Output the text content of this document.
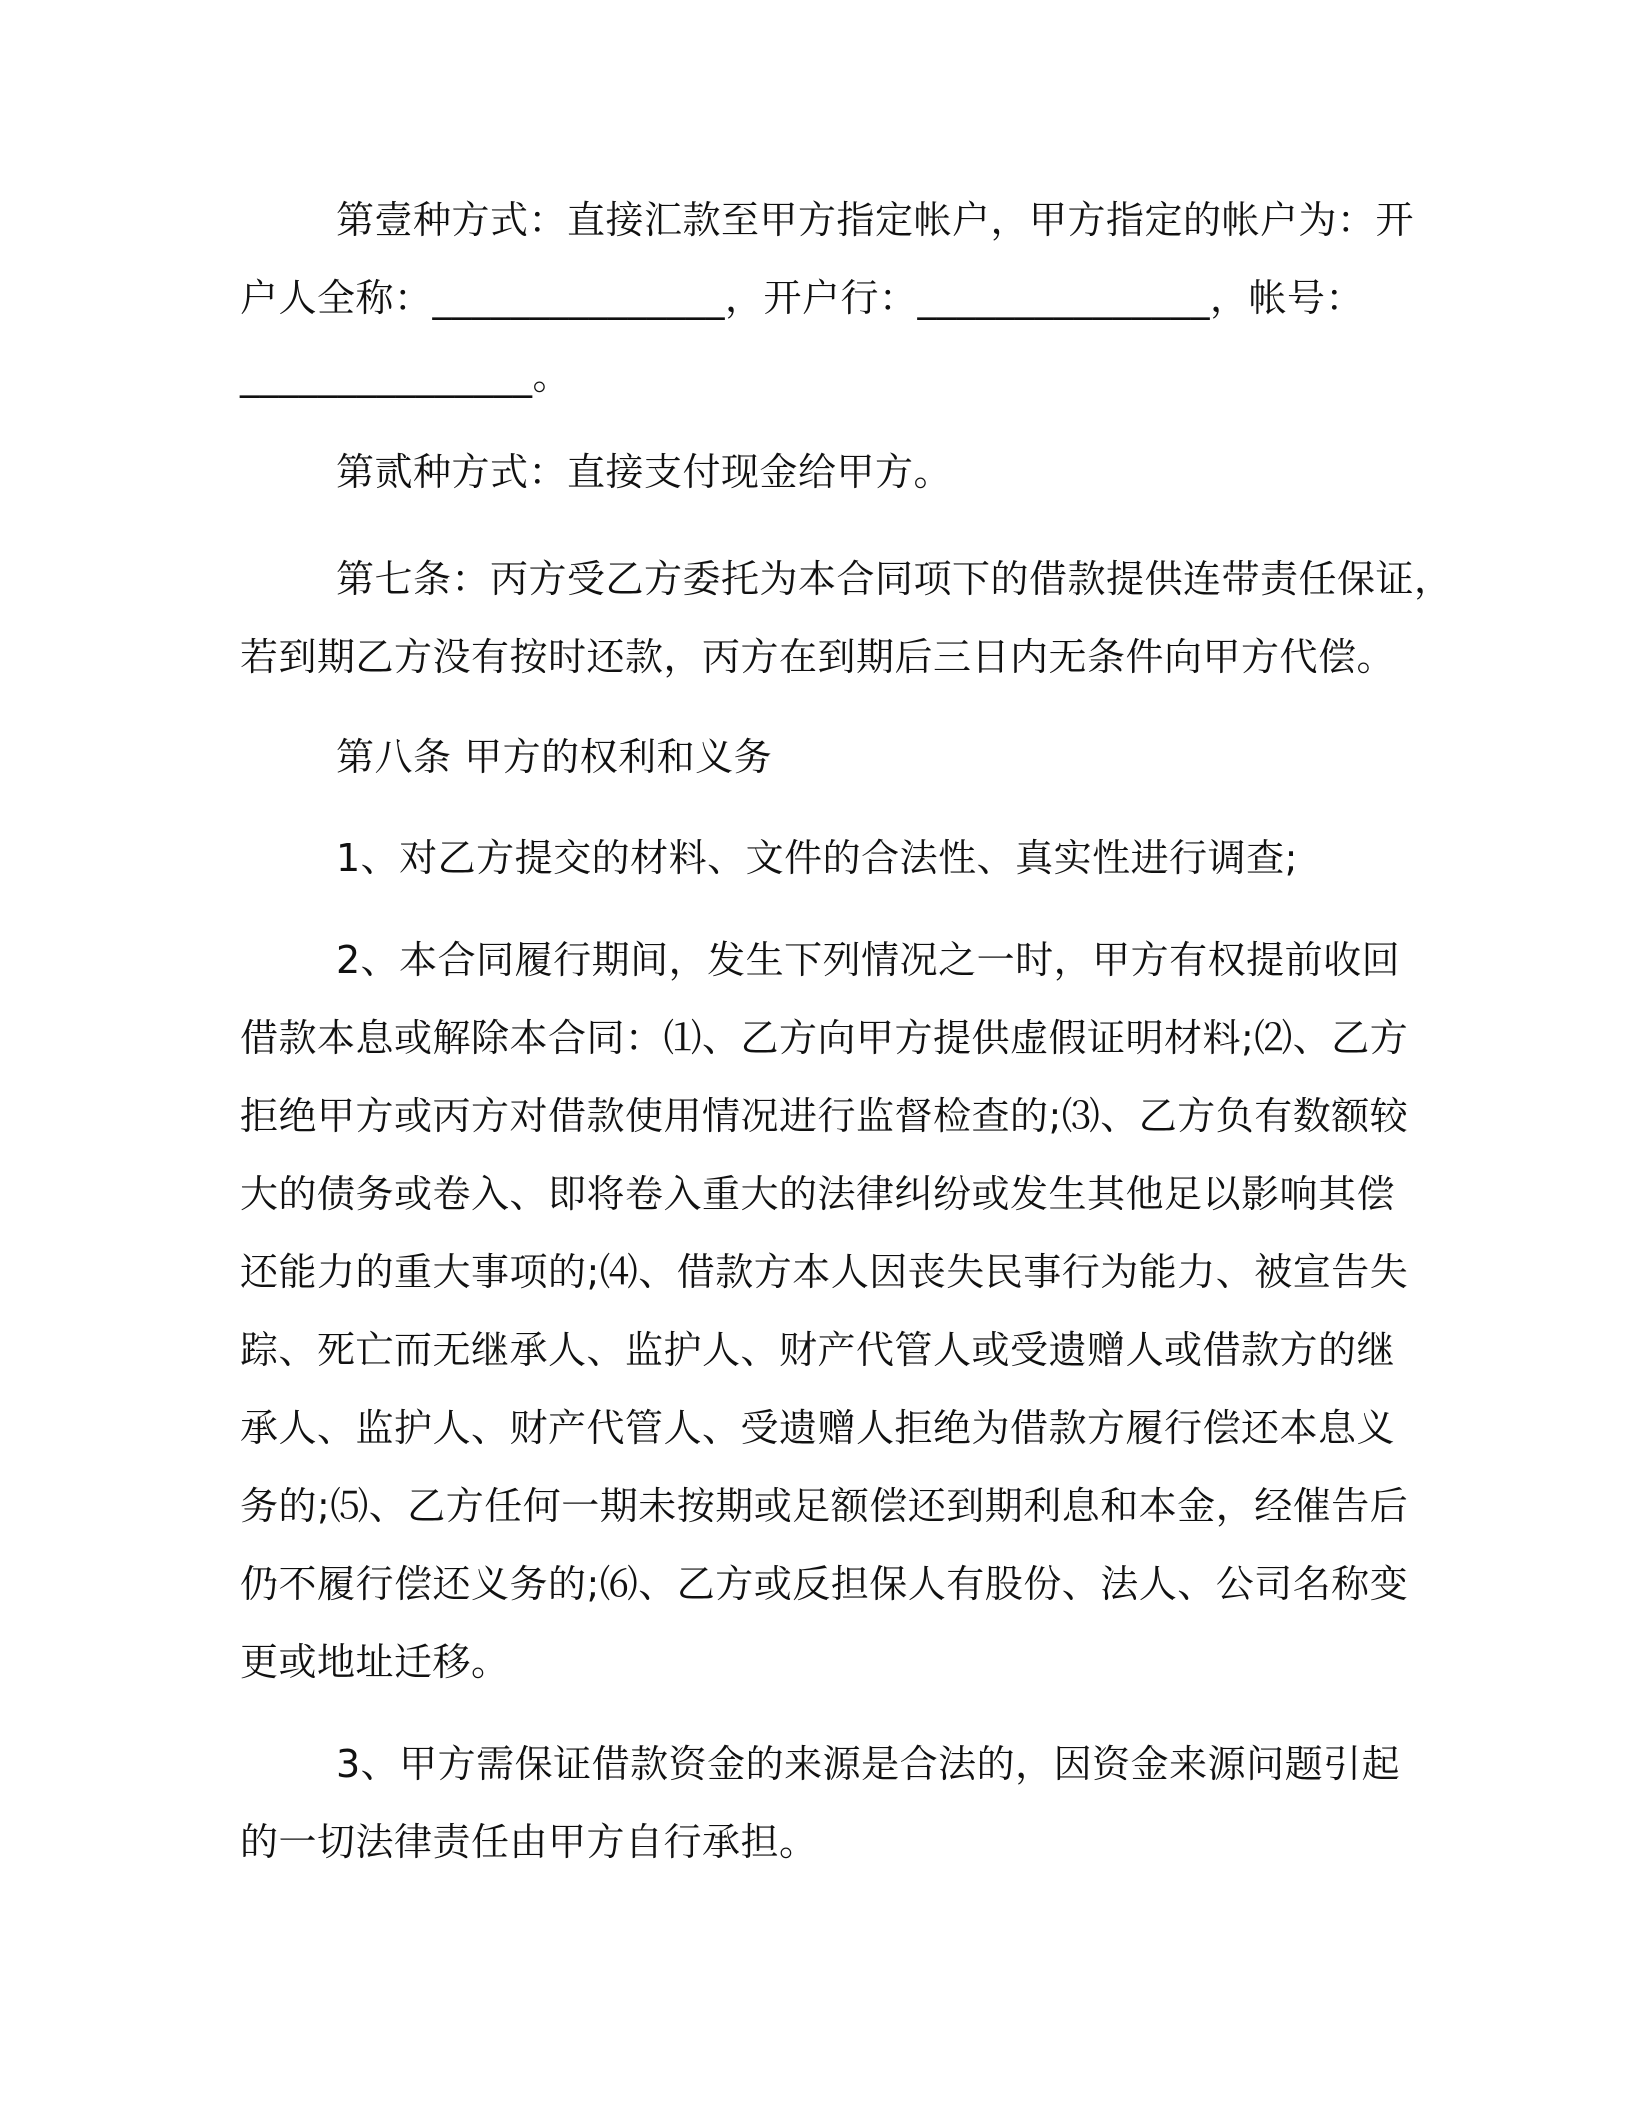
第壹种方式：直接汇款至甲方指定帐户，甲方指定的帐户为：开

户人全称：_______________，开户行：_______________，帐号：

_______________。

第贰种方式：直接支付现金给甲方。

第七条：丙方受乙方委托为本合同项下的借款提供连带责任保证，

若到期乙方没有按时还款，丙方在到期后三日内无条件向甲方代偿。

第八条 甲方的权利和义务

1、对乙方提交的材料、文件的合法性、真实性进行调查;

2、本合同履行期间，发生下列情况之一时，甲方有权提前收回

借款本息或解除本合同：⑴、乙方向甲方提供虚假证明材料;⑵、乙方

拒绝甲方或丙方对借款使用情况进行监督检查的;⑶、乙方负有数额较

大的债务或卷入、即将卷入重大的法律纠纷或发生其他足以影响其偿

还能力的重大事项的;⑷、借款方本人因丧失民事行为能力、被宣告失

踪、死亡而无继承人、监护人、财产代管人或受遗赠人或借款方的继

承人、监护人、财产代管人、受遗赠人拒绝为借款方履行偿还本息义

务的;⑸、乙方任何一期未按期或足额偿还到期利息和本金，经催告后

仍不履行偿还义务的;⑹、乙方或反担保人有股份、法人、公司名称变

更或地址迁移。

3、甲方需保证借款资金的来源是合法的，因资金来源问题引起

的一切法律责任由甲方自行承担。
